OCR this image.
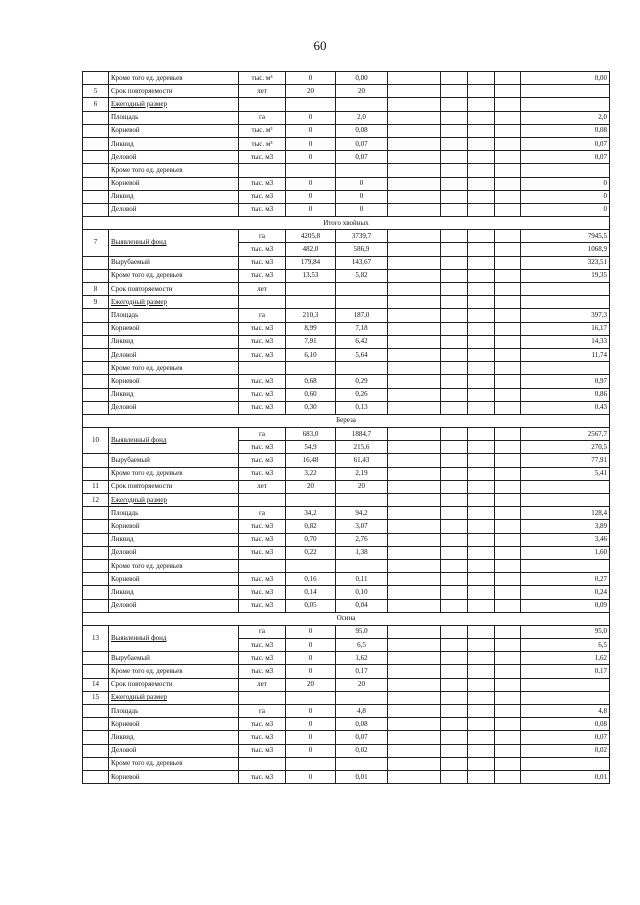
60
	Кроме того ед. деревьев	тыс. м³	0	0,00					0,00
5	Срок повторяемости	лет	20	20					
6	Ежегодный размер								
	Площадь	га	0	2,0					2,0
	Корневой	тыс. м³	0	0,08					0,08
	Ликвид	тыс. м³	0	0,07					0,07
	Деловой	тыс. м3	0	0,07					0,07
	Кроме того ед. деревьев								
	Корневой	тыс. м3	0	0					0
	Ликвид	тыс. м3	0	0					0
	Деловой	тыс. м3	0	0					0
Итого хвойных									
7	Выявленный фонд	га	4205,8	3739,7					7945,5
		тыс. м3	482,0	586,9					1068,9
	Вырубаемый	тыс. м3	179,84	143,67					323,51
	Кроме того ед. деревьев	тыс. м3	13,53	5,82					19,35
8	Срок повторяемости	лет							
9	Ежегодный размер								
	Площадь	га	210,3	187,0					397,3
	Корневой	тыс. м3	8,99	7,18					16,17
	Ликвид	тыс. м3	7,91	6,42					14,33
	Деловой	тыс. м3	6,10	5,64					11,74
	Кроме того ед. деревьев								
	Корневой	тыс. м3	0,68	0,29					0,97
	Ликвид	тыс. м3	0,60	0,26					0,86
	Деловой	тыс. м3	0,30	0,13					0,43
Береза									
10	Выявленный фонд	га	683,0	1884,7					2567,7
		тыс. м3	54,9	215,6					270,5
	Вырубаемый	тыс. м3	16,48	61,43					77,91
	Кроме того ед. деревьев	тыс. м3	3,22	2,19					5,41
11	Срок повторяемости	лет	20	20					
12	Ежегодный размер								
	Площадь	га	34,2	94,2					128,4
	Корневой	тыс. м3	0,82	3,07					3,89
	Ликвид	тыс. м3	0,70	2,76					3,46
	Деловой	тыс. м3	0,22	1,38					1,60
	Кроме того ед. деревьев								
	Корневой	тыс. м3	0,16	0,11					0,27
	Ликвид	тыс. м3	0,14	0,10					0,24
	Деловой	тыс. м3	0,05	0,04					0,09
Осина									
13	Выявленный фонд	га	0	95,0					95,0
		тыс. м3	0	6,5					6,5
	Вырубаемый	тыс. м3	0	1,62					1,62
	Кроме того ед. деревьев	тыс. м3	0	0,17					0,17
14	Срок повторяемости	лет	20	20					
15	Ежегодный размер								
	Площадь	га	0	4,8					4,8
	Корневой	тыс. м3	0	0,08					0,08
	Ликвид	тыс. м3	0	0,07					0,07
	Деловой	тыс. м3	0	0,02					0,02
	Кроме того ед. деревьев								
	Корневой	тыс. м3	0	0,01					0,01
